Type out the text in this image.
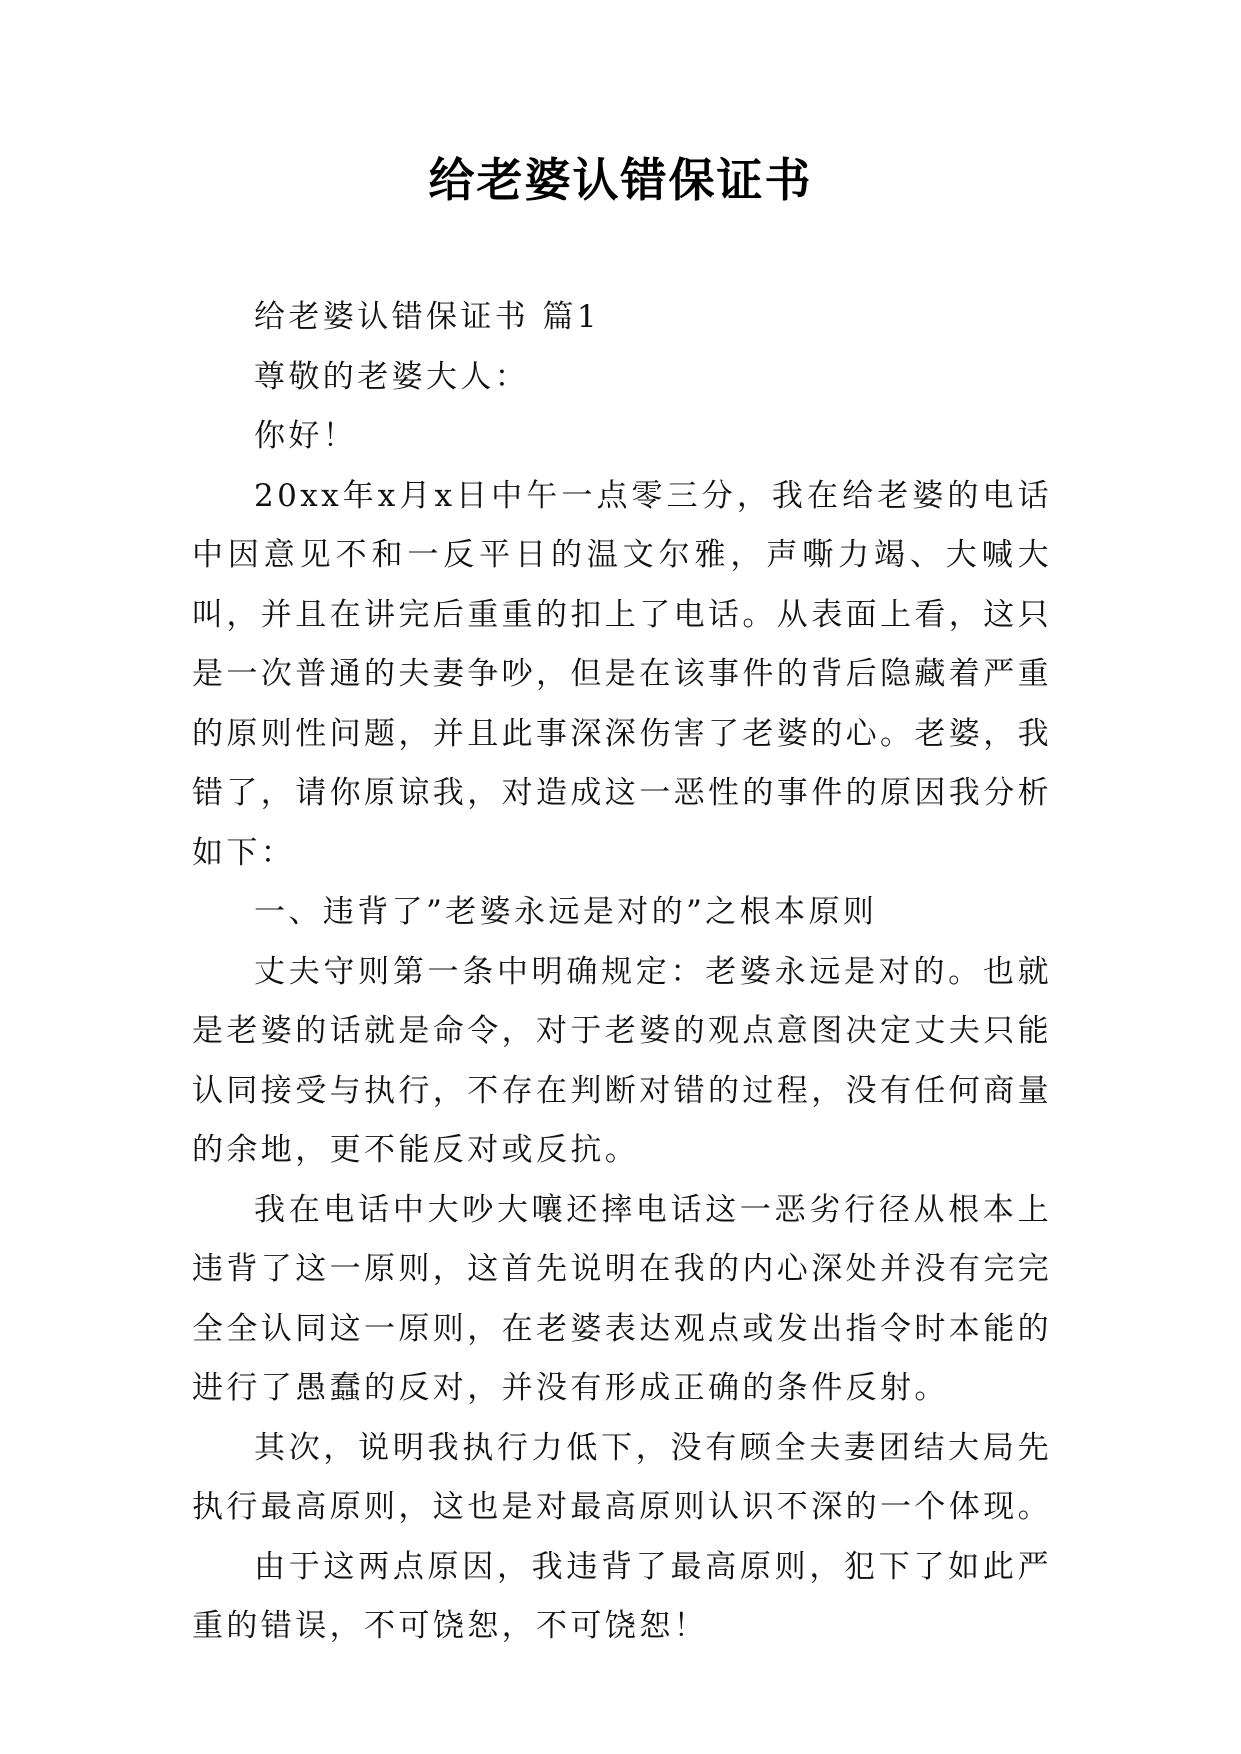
给老婆认错保证书

给老婆认错保证书 篇1

尊敬的老婆大人：

你好！

20xx年x月x日中午一点零三分，我在给老婆的电话中因意见不和一反平日的温文尔雅，声嘶力竭、大喊大叫，并且在讲完后重重的扣上了电话。从表面上看，这只是一次普通的夫妻争吵，但是在该事件的背后隐藏着严重的原则性问题，并且此事深深伤害了老婆的心。老婆，我错了，请你原谅我，对造成这一恶性的事件的原因我分析如下：

一、违背了”老婆永远是对的”之根本原则

丈夫守则第一条中明确规定：老婆永远是对的。也就是老婆的话就是命令，对于老婆的观点意图决定丈夫只能认同接受与执行，不存在判断对错的过程，没有任何商量的余地，更不能反对或反抗。

我在电话中大吵大嚷还摔电话这一恶劣行径从根本上违背了这一原则，这首先说明在我的内心深处并没有完完全全认同这一原则，在老婆表达观点或发出指令时本能的进行了愚蠢的反对，并没有形成正确的条件反射。

其次，说明我执行力低下，没有顾全夫妻团结大局先执行最高原则，这也是对最高原则认识不深的一个体现。

由于这两点原因，我违背了最高原则，犯下了如此严重的错误，不可饶恕，不可饶恕！
